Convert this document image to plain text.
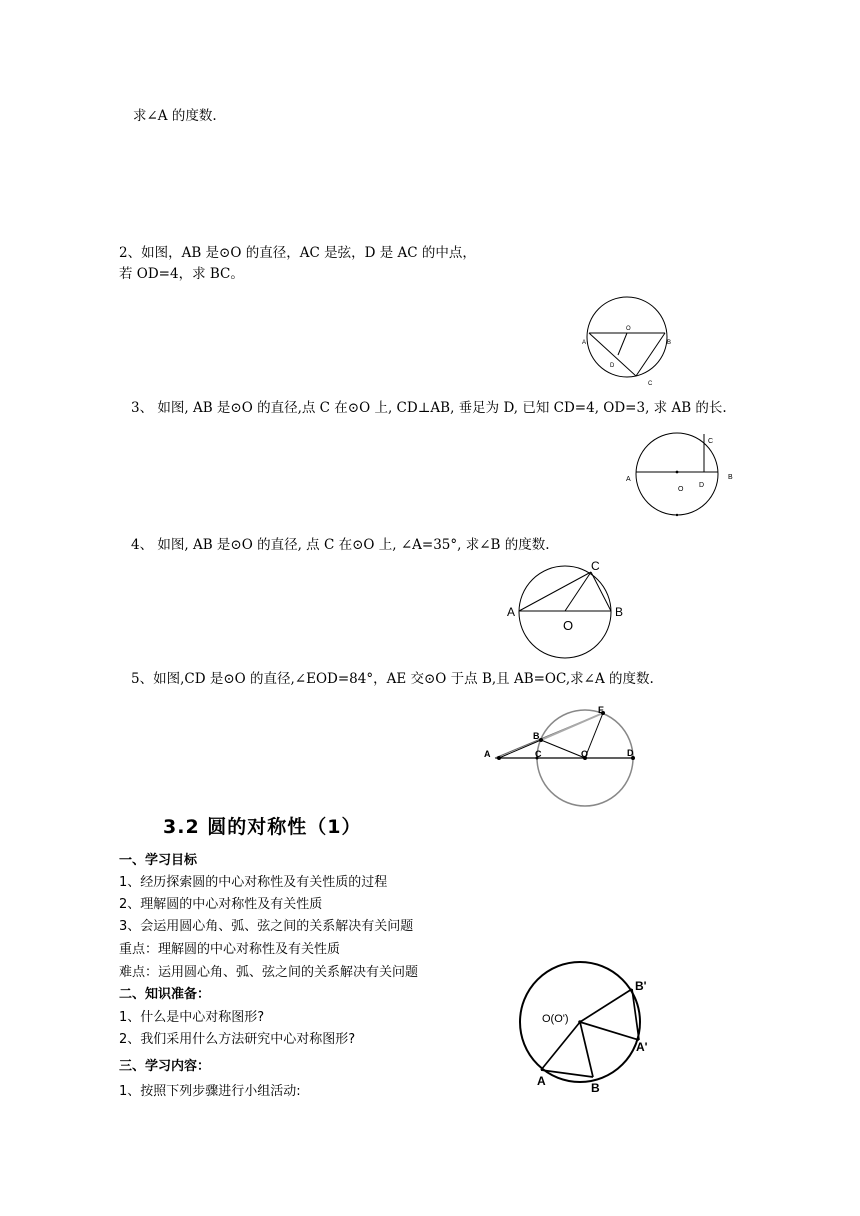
求∠A 的度数.
2、如图，AB 是⊙O 的直径，AC 是弦，D 是 AC 的中点，
若 OD=4，求 BC。
O
A	B
D
C
3、 如图, AB 是⊙O 的直径,点 C 在⊙O 上, CD⊥AB, 垂足为 D, 已知 CD=4, OD=3, 求 AB 的长.
C
A	B
O
D
4、 如图, AB 是⊙O 的直径, 点 C 在⊙O 上, ∠A=35°, 求∠B 的度数.
C
A	B
O
5、如图,CD 是⊙O 的直径,∠EOD=84°，AE 交⊙O 于点 B,且 AB=OC,求∠A 的度数.
E
B
A	C	O	D
3.2 圆的对称性（1）
一、学习目标
1、经历探索圆的中心对称性及有关性质的过程
2、理解圆的中心对称性及有关性质
3、会运用圆心角、弧、弦之间的关系解决有关问题
重点：理解圆的中心对称性及有关性质
难点：运用圆心角、弧、弦之间的关系解决有关问题
二、知识准备：
1、什么是中心对称图形?
2、我们采用什么方法研究中心对称图形?
三、学习内容：
1、按照下列步骤进行小组活动:
O(O')
B'
A'
A	B
